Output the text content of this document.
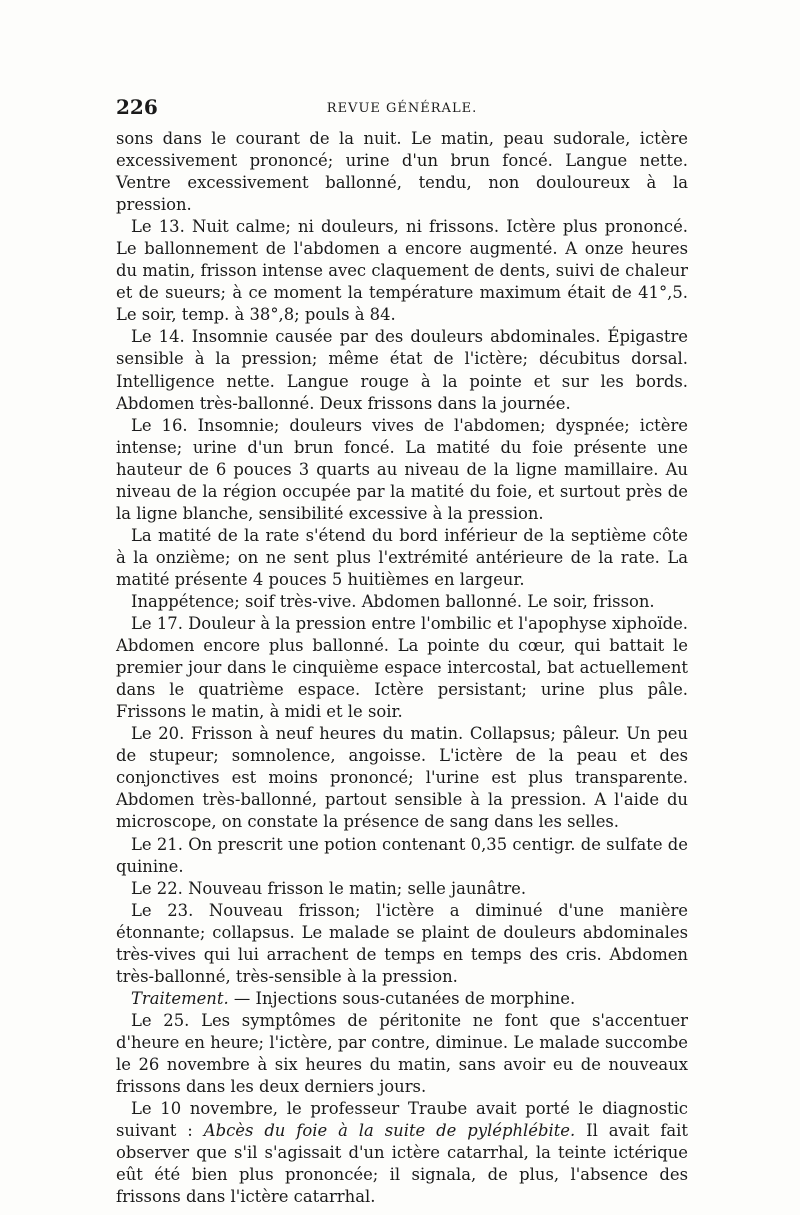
226	REVUE GÉNÉRALE.

sons dans le courant de la nuit. Le matin, peau sudorale, ictère excessivement prononcé; urine d'un brun foncé. Langue nette. Ventre excessivement ballonné, tendu, non douloureux à la pression.

Le 13. Nuit calme; ni douleurs, ni frissons. Ictère plus prononcé. Le ballonnement de l'abdomen a encore augmenté. A onze heures du matin, frisson intense avec claquement de dents, suivi de chaleur et de sueurs; à ce moment la température maximum était de 41°,5. Le soir, temp. à 38°,8; pouls à 84.

Le 14. Insomnie causée par des douleurs abdominales. Épigastre sensible à la pression; même état de l'ictère; décubitus dorsal. Intelligence nette. Langue rouge à la pointe et sur les bords. Abdomen très-ballonné. Deux frissons dans la journée.

Le 16. Insomnie; douleurs vives de l'abdomen; dyspnée; ictère intense; urine d'un brun foncé. La matité du foie présente une hauteur de 6 pouces 3 quarts au niveau de la ligne mamillaire. Au niveau de la région occupée par la matité du foie, et surtout près de la ligne blanche, sensibilité excessive à la pression.

La matité de la rate s'étend du bord inférieur de la septième côte à la onzième; on ne sent plus l'extrémité antérieure de la rate. La matité présente 4 pouces 5 huitièmes en largeur.

Inappétence; soif très-vive. Abdomen ballonné. Le soir, frisson.

Le 17. Douleur à la pression entre l'ombilic et l'apophyse xiphoïde. Abdomen encore plus ballonné. La pointe du cœur, qui battait le premier jour dans le cinquième espace intercostal, bat actuellement dans le quatrième espace. Ictère persistant; urine plus pâle. Frissons le matin, à midi et le soir.

Le 20. Frisson à neuf heures du matin. Collapsus; pâleur. Un peu de stupeur; somnolence, angoisse. L'ictère de la peau et des conjonctives est moins prononcé; l'urine est plus transparente. Abdomen très-ballonné, partout sensible à la pression. A l'aide du microscope, on constate la présence de sang dans les selles.

Le 21. On prescrit une potion contenant 0,35 centigr. de sulfate de quinine.

Le 22. Nouveau frisson le matin; selle jaunâtre.

Le 23. Nouveau frisson; l'ictère a diminué d'une manière étonnante; collapsus. Le malade se plaint de douleurs abdominales très-vives qui lui arrachent de temps en temps des cris. Abdomen très-ballonné, très-sensible à la pression.

Traitement. — Injections sous-cutanées de morphine.

Le 25. Les symptômes de péritonite ne font que s'accentuer d'heure en heure; l'ictère, par contre, diminue. Le malade succombe le 26 novembre à six heures du matin, sans avoir eu de nouveaux frissons dans les deux derniers jours.

Le 10 novembre, le professeur Traube avait porté le diagnostic suivant : Abcès du foie à la suite de pyléphlébite. Il avait fait observer que s'il s'agissait d'un ictère catarrhal, la teinte ictérique eût été bien plus prononcée; il signala, de plus, l'absence des frissons dans l'ictère catarrhal.
